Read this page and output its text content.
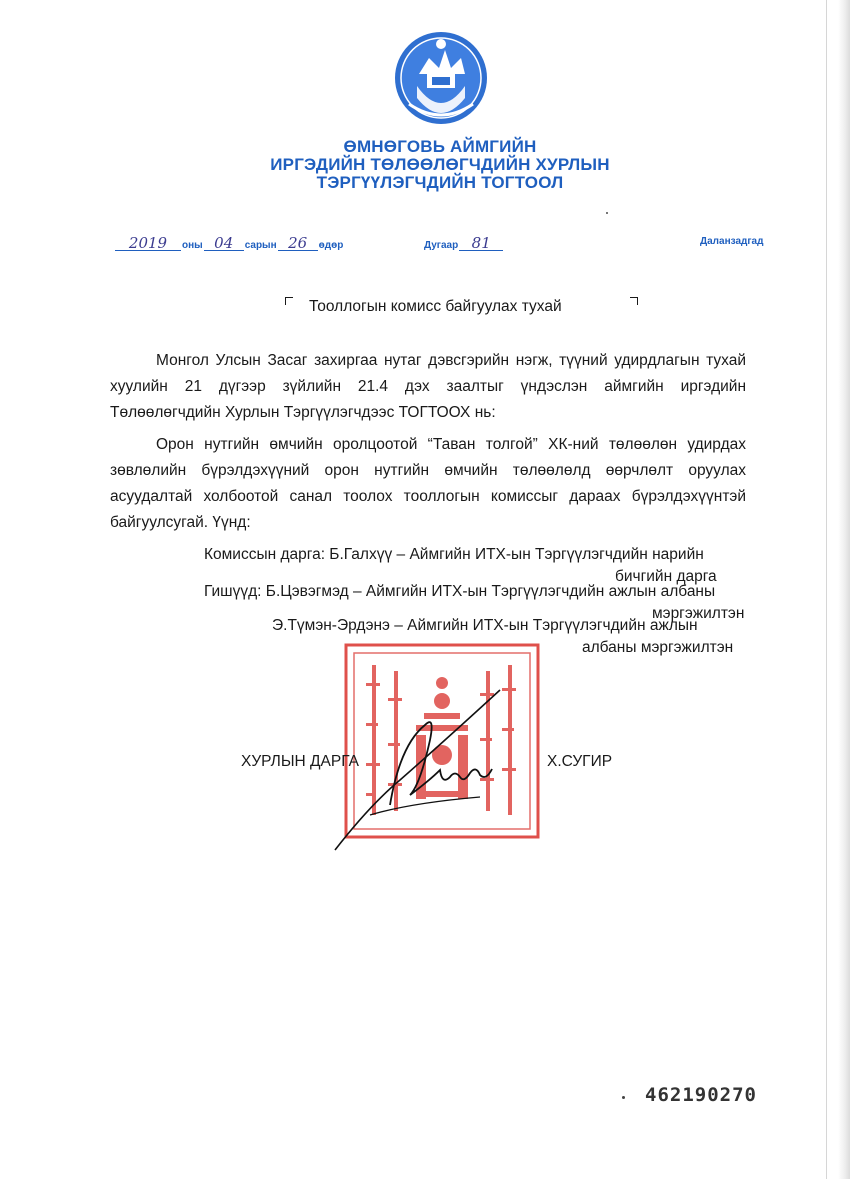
ӨМНӨГОВЬ АЙМГИЙН
ИРГЭДИЙН ТӨЛӨӨЛӨГЧДИЙН ХУРЛЫН
ТЭРГҮҮЛЭГЧДИЙН ТОГТООЛ
2019 оны 04 сарын 26 өдөр	Дугаар 81	Даланзадгад
Тооллогын комисс байгуулах тухай

Монгол Улсын Засаг захиргаа нутаг дэвсгэрийн нэгж, түүний удирдлагын тухай хуулийн 21 дүгээр зүйлийн 21.4 дэх заалтыг үндэслэн аймгийн иргэдийн Төлөөлөгчдийн Хурлын Тэргүүлэгчдээс ТОГТООХ нь:

Орон нутгийн өмчийн оролцоотой “Таван толгой” ХК-ний төлөөлөн удирдах зөвлөлийн бүрэлдэхүүний орон нутгийн өмчийн төлөөлөлд өөрчлөлт оруулах асуудалтай холбоотой санал тоолох тооллогын комиссыг дараах бүрэлдэхүүнтэй байгуулсугай. Үүнд:

Комиссын дарга: Б.Галхүү – Аймгийн ИТХ-ын Тэргүүлэгчдийн нарийн
бичгийн дарга
Гишүүд: Б.Цэвэгмэд – Аймгийн ИТХ-ын Тэргүүлэгчдийн ажлын албаны
мэргэжилтэн
Э.Түмэн-Эрдэнэ – Аймгийн ИТХ-ын Тэргүүлэгчдийн ажлын
албаны мэргэжилтэн
ХУРЛЫН ДАРГА	Х.СУГИР
462190270
